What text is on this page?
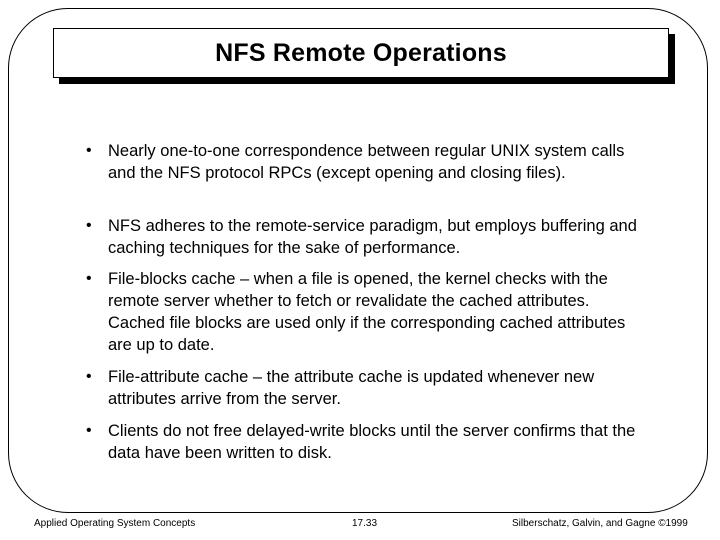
NFS Remote Operations
• Nearly one-to-one correspondence between regular UNIX system calls and the NFS protocol RPCs (except opening and closing files).
• NFS adheres to the remote-service paradigm, but employs buffering and caching techniques for the sake of performance.
• File-blocks cache – when a file is opened, the kernel checks with the remote server whether to fetch or revalidate the cached attributes. Cached file blocks are used only if the corresponding cached attributes are up to date.
• File-attribute cache – the attribute cache is updated whenever new attributes arrive from the server.
• Clients do not free delayed-write blocks until the server confirms that the data have been written to disk.
Applied Operating System Concepts	17.33	Silberschatz, Galvin, and Gagne ©1999
